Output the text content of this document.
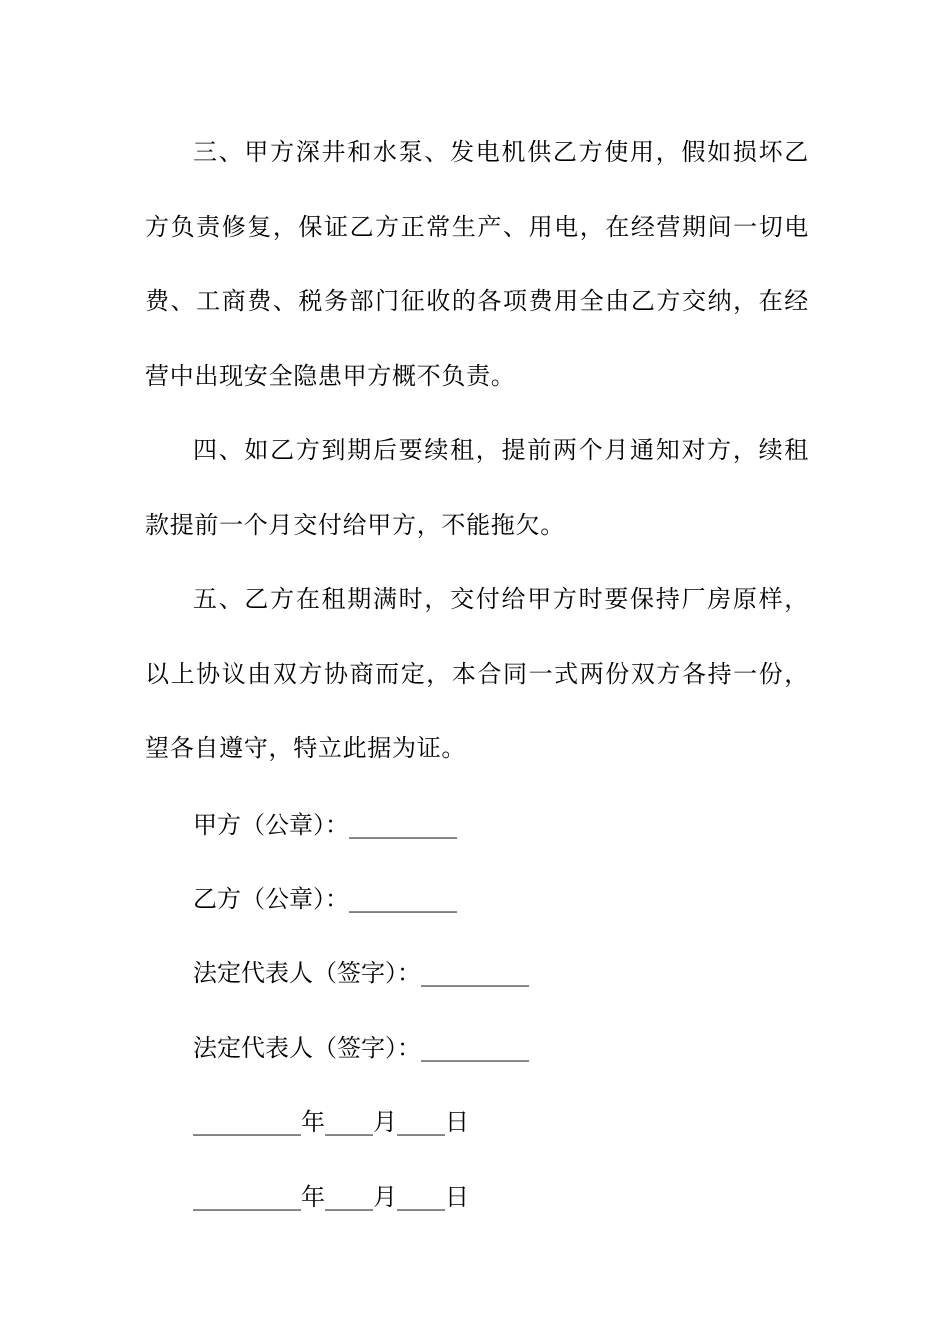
三、甲方深井和水泵、发电机供乙方使用，假如损坏乙方负责修复，保证乙方正常生产、用电，在经营期间一切电费、工商费、税务部门征收的各项费用全由乙方交纳，在经营中出现安全隐患甲方概不负责。

四、如乙方到期后要续租，提前两个月通知对方，续租款提前一个月交付给甲方，不能拖欠。

五、乙方在租期满时，交付给甲方时要保持厂房原样，以上协议由双方协商而定，本合同一式两份双方各持一份，望各自遵守，特立此据为证。

甲方（公章）：_________

乙方（公章）：_________

法定代表人（签字）：_________

法定代表人（签字）：_________

_________年____月____日

_________年____月____日
